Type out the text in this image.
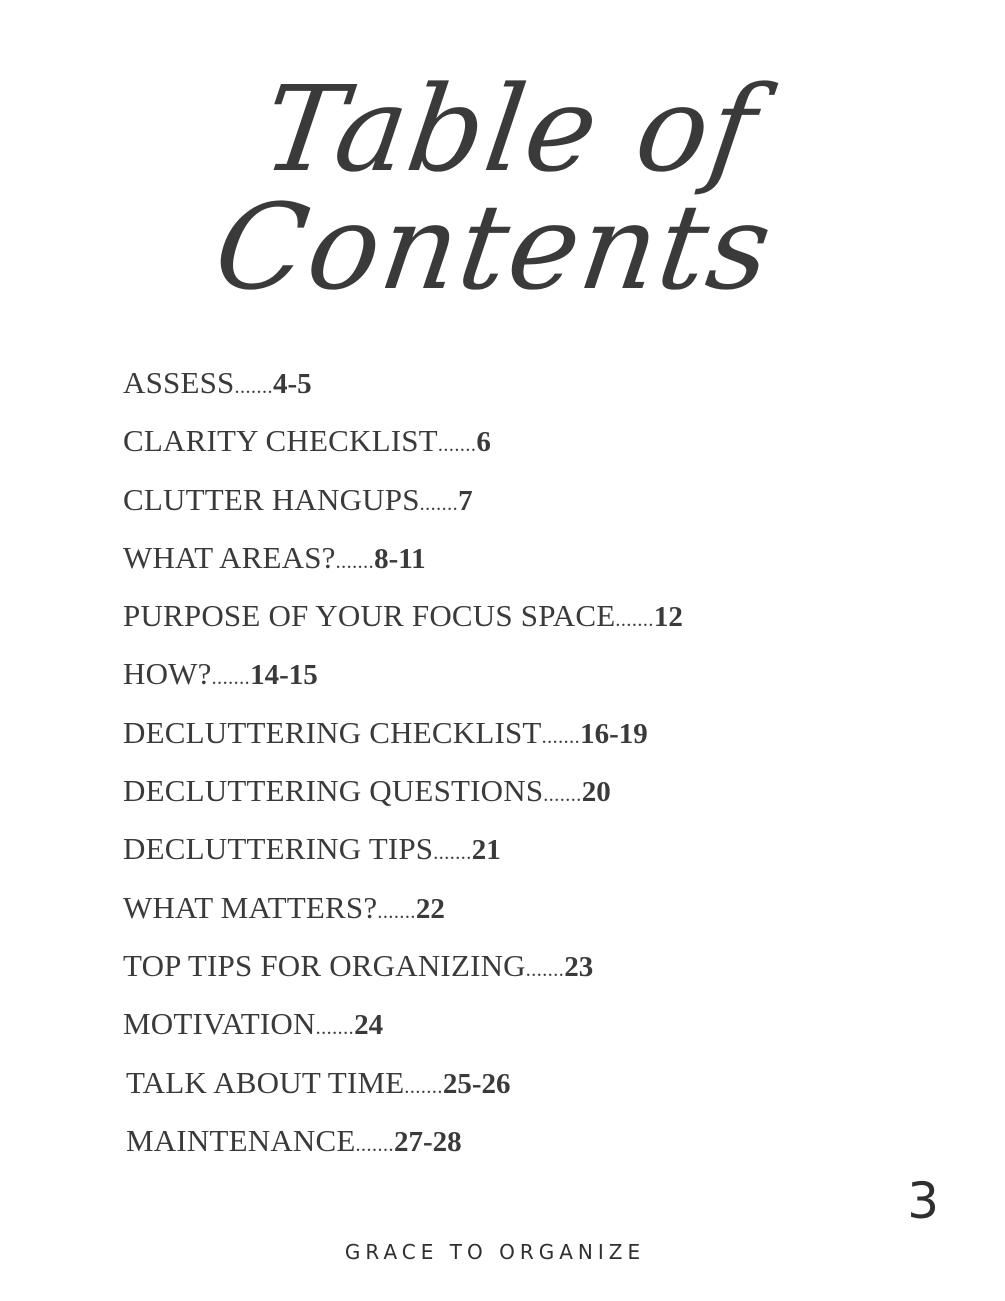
Table of Contents
ASSESS.......4-5
CLARITY CHECKLIST.......6
CLUTTER HANGUPS.......7
WHAT AREAS?.......8-11
PURPOSE OF YOUR FOCUS SPACE.......12
HOW?.......14-15
DECLUTTERING CHECKLIST.......16-19
DECLUTTERING QUESTIONS.......20
DECLUTTERING TIPS.......21
WHAT MATTERS?.......22
TOP TIPS FOR ORGANIZING.......23
MOTIVATION.......24
TALK ABOUT TIME.......25-26
MAINTENANCE.......27-28
3
GRACE TO ORGANIZE
